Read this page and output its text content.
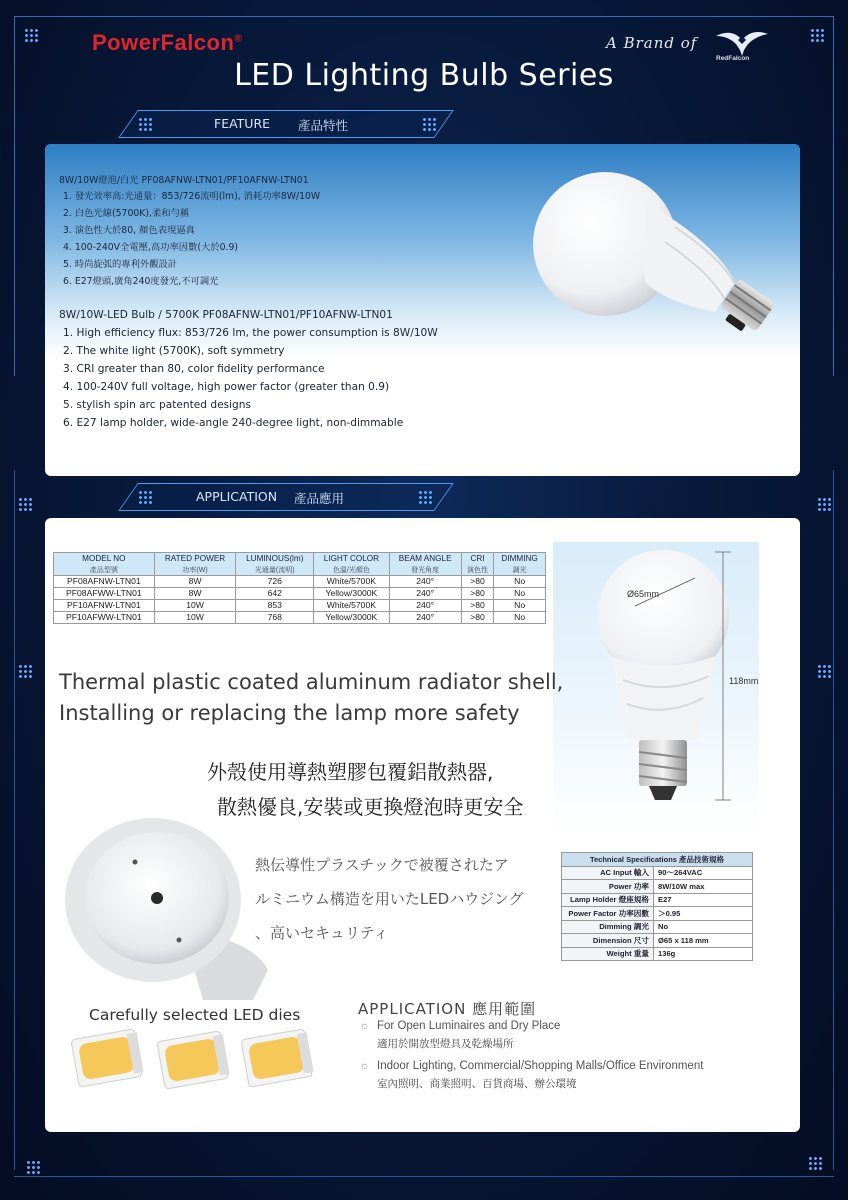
PowerFalcon®	A Brand of
RedFalcon
LED Lighting Bulb Series
FEATURE 產品特性
8W/10W燈泡/白光 PF08AFNW-LTN01/PF10AFNW-LTN01
1. 發光效率高:光通量：853/726流明(lm), 消耗功率8W/10W
2. 白色光線(5700K),柔和勻稱
3. 演色性大於80, 顏色表現逼真
4. 100-240V全電壓,高功率因數(大於0.9)
5. 時尚旋弧的專利外觀設計
6. E27燈頭,廣角240度發光,不可調光
8W/10W-LED Bulb / 5700K PF08AFNW-LTN01/PF10AFNW-LTN01
1. High efficiency flux: 853/726 lm, the power consumption is 8W/10W
2. The white light (5700K), soft symmetry
3. CRI greater than 80, color fidelity performance
4. 100-240V full voltage, high power factor (greater than 0.9)
5. stylish spin arc patented designs
6. E27 lamp holder, wide-angle 240-degree light, non-dimmable
APPLICATION 產品應用
MODEL NO	RATED POWER	LUMINOUS(lm)	LIGHT COLOR	BEAM ANGLE	CRI	DIMMING
產品型號	功率(W)	光通量(流明)	色溫/光顏色	發光角度	演色性	調光
PF08AFNW-LTN01	8W	726	White/5700K	240°	>80	No
PF08AFWW-LTN01	8W	642	Yellow/3000K	240°	>80	No
PF10AFNW-LTN01	10W	853	White/5700K	240°	>80	No
PF10AFWW-LTN01	10W	768	Yellow/3000K	240°	>80	No
Ø65mm
118mm
Thermal plastic coated aluminum radiator shell,
Installing or replacing the lamp more safety
外殼使用導熱塑膠包覆鋁散熱器,
散熱優良,安裝或更換燈泡時更安全
熱伝導性プラスチックで被覆されたア
ルミニウム構造を用いたLEDハウジング
、高いセキュリティ
Technical Specifications 產品技術規格	
AC Input 輸入	90～264VAC
Power 功率	8W/10W max
Lamp Holder 燈座規格	E27
Power Factor 功率因數	＞0.95
Dimming 調光	No
Dimension 尺寸	Ø65 x 118 mm
Weight 重量	136g
Carefully selected LED dies	APPLICATION 應用範圍
☼ For Open Luminaires and Dry Place
適用於開放型燈具及乾燥場所
☼ Indoor Lighting, Commercial/Shopping Malls/Office Environment
室內照明、商業照明、百貨商場、辦公環境
